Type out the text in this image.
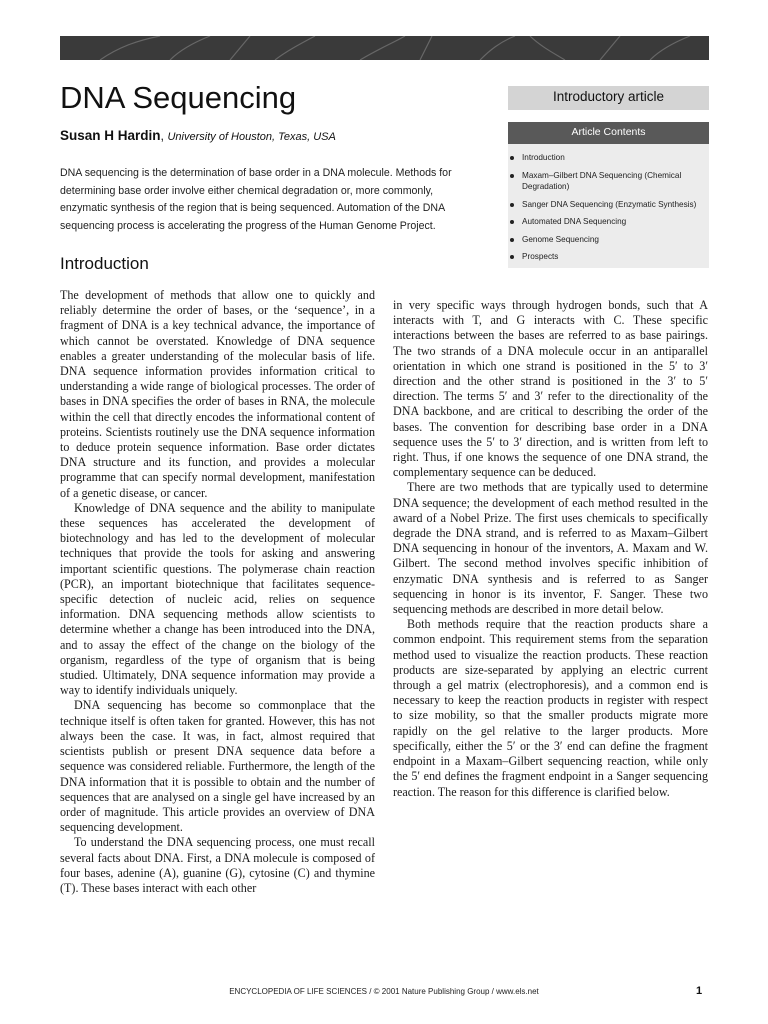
DNA Sequencing
Susan H Hardin, University of Houston, Texas, USA
DNA sequencing is the determination of base order in a DNA molecule. Methods for determining base order involve either chemical degradation or, more commonly, enzymatic synthesis of the region that is being sequenced. Automation of the DNA sequencing process is accelerating the progress of the Human Genome Project.
Introductory article
Article Contents
Introduction
Maxam–Gilbert DNA Sequencing (Chemical Degradation)
Sanger DNA Sequencing (Enzymatic Synthesis)
Automated DNA Sequencing
Genome Sequencing
Prospects
Introduction

The development of methods that allow one to quickly and reliably determine the order of bases, or the ‘sequence’, in a fragment of DNA is a key technical advance, the importance of which cannot be overstated. Knowledge of DNA sequence enables a greater understanding of the molecular basis of life. DNA sequence information provides information critical to understanding a wide range of biological processes. The order of bases in DNA specifies the order of bases in RNA, the molecule within the cell that directly encodes the informational content of proteins. Scientists routinely use the DNA sequence information to deduce protein sequence information. Base order dictates DNA structure and its function, and provides a molecular programme that can specify normal development, manifestation of a genetic disease, or cancer.

Knowledge of DNA sequence and the ability to manipulate these sequences has accelerated the development of biotechnology and has led to the development of molecular techniques that provide the tools for asking and answering important scientific questions. The polymerase chain reaction (PCR), an important biotechnique that facilitates sequence-specific detection of nucleic acid, relies on sequence information. DNA sequencing methods allow scientists to determine whether a change has been introduced into the DNA, and to assay the effect of the change on the biology of the organism, regardless of the type of organism that is being studied. Ultimately, DNA sequence information may provide a way to identify individuals uniquely.

DNA sequencing has become so commonplace that the technique itself is often taken for granted. However, this has not always been the case. It was, in fact, almost required that scientists publish or present DNA sequence data before a sequence was considered reliable. Furthermore, the length of the DNA information that it is possible to obtain and the number of sequences that are analysed on a single gel have increased by an order of magnitude. This article provides an overview of DNA sequencing development.

To understand the DNA sequencing process, one must recall several facts about DNA. First, a DNA molecule is composed of four bases, adenine (A), guanine (G), cytosine (C) and thymine (T). These bases interact with each other

in very specific ways through hydrogen bonds, such that A interacts with T, and G interacts with C. These specific interactions between the bases are referred to as base pairings. The two strands of a DNA molecule occur in an antiparallel orientation in which one strand is positioned in the 5′ to 3′ direction and the other strand is positioned in the 3′ to 5′ direction. The terms 5′ and 3′ refer to the directionality of the DNA backbone, and are critical to describing the order of the bases. The convention for describing base order in a DNA sequence uses the 5′ to 3′ direction, and is written from left to right. Thus, if one knows the sequence of one DNA strand, the complementary sequence can be deduced.

There are two methods that are typically used to determine DNA sequence; the development of each method resulted in the award of a Nobel Prize. The first uses chemicals to specifically degrade the DNA strand, and is referred to as Maxam–Gilbert DNA sequencing in honour of the inventors, A. Maxam and W. Gilbert. The second method involves specific inhibition of enzymatic DNA synthesis and is referred to as Sanger sequencing in honor is its inventor, F. Sanger. These two sequencing methods are described in more detail below.

Both methods require that the reaction products share a common endpoint. This requirement stems from the separation method used to visualize the reaction products. These reaction products are size-separated by applying an electric current through a gel matrix (electrophoresis), and a common end is necessary to keep the reaction products in register with respect to size mobility, so that the smaller products migrate more rapidly on the gel relative to the larger products. More specifically, either the 5′ or the 3′ end can define the fragment endpoint in a Maxam–Gilbert sequencing reaction, while only the 5′ end defines the fragment endpoint in a Sanger sequencing reaction. The reason for this difference is clarified below.

ENCYCLOPEDIA OF LIFE SCIENCES / © 2001 Nature Publishing Group / www.els.net	1
